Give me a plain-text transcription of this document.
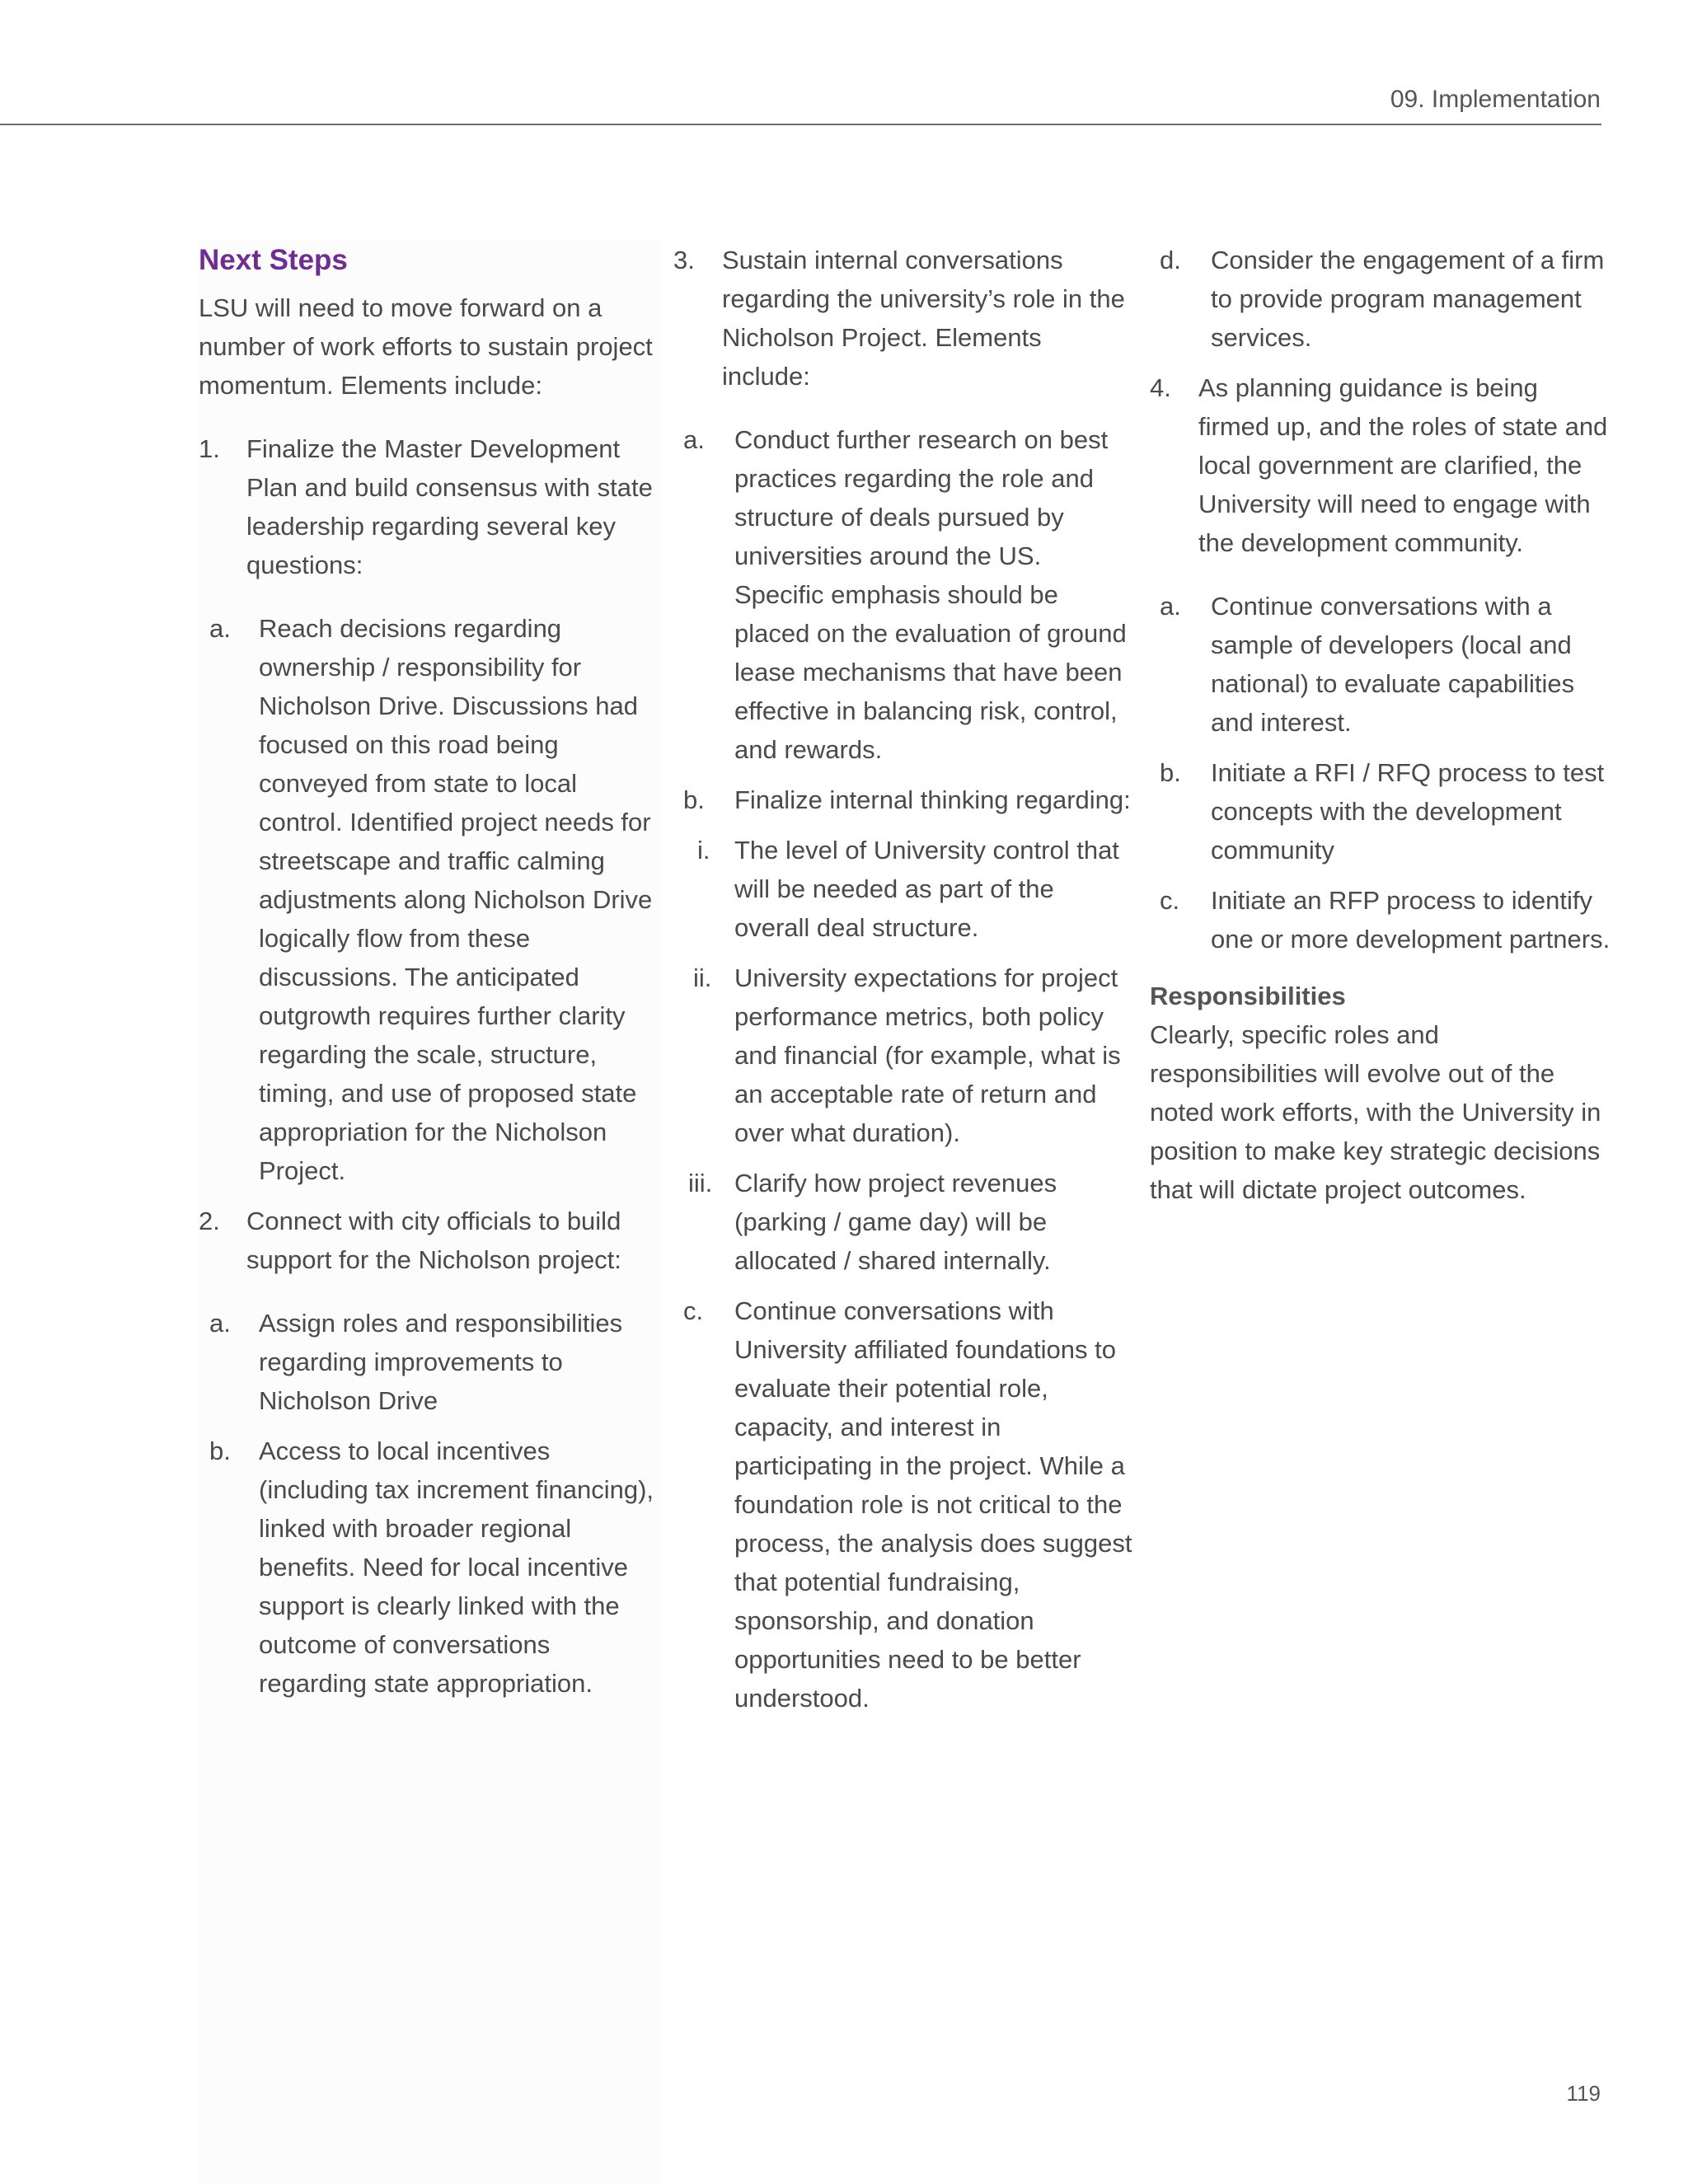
09. Implementation
Next Steps

LSU will need to move forward on a number of work efforts to sustain project momentum. Elements include:

1. Finalize the Master Development Plan and build consensus with state leadership regarding several key questions:
a. Reach decisions regarding ownership / responsibility for Nicholson Drive. Discussions had focused on this road being conveyed from state to local control. Identified project needs for streetscape and traffic calming adjustments along Nicholson Drive logically flow from these discussions. The anticipated outgrowth requires further clarity regarding the scale, structure, timing, and use of proposed state appropriation for the Nicholson Project.
2. Connect with city officials to build support for the Nicholson project:
a. Assign roles and responsibilities regarding improvements to Nicholson Drive
b. Access to local incentives (including tax increment financing), linked with broader regional benefits. Need for local incentive support is clearly linked with the outcome of conversations regarding state appropriation.
3. Sustain internal conversations regarding the university’s role in the Nicholson Project. Elements include:
a. Conduct further research on best practices regarding the role and structure of deals pursued by universities around the US. Specific emphasis should be placed on the evaluation of ground lease mechanisms that have been effective in balancing risk, control, and rewards.
b. Finalize internal thinking regarding:
i. The level of University control that will be needed as part of the overall deal structure.
ii. University expectations for project performance metrics, both policy and financial (for example, what is an acceptable rate of return and over what duration).
iii. Clarify how project revenues (parking / game day) will be allocated / shared internally.
c. Continue conversations with University affiliated foundations to evaluate their potential role, capacity, and interest in participating in the project. While a foundation role is not critical to the process, the analysis does suggest that potential fundraising, sponsorship, and donation opportunities need to be better understood.
d. Consider the engagement of a firm to provide program management services.
4. As planning guidance is being firmed up, and the roles of state and local government are clarified, the University will need to engage with the development community.
a. Continue conversations with a sample of developers (local and national) to evaluate capabilities and interest.
b. Initiate a RFI / RFQ process to test concepts with the development community
c. Initiate an RFP process to identify one or more development partners.
Responsibilities

Clearly, specific roles and responsibilities will evolve out of the noted work efforts, with the University in position to make key strategic decisions that will dictate project outcomes.

119
